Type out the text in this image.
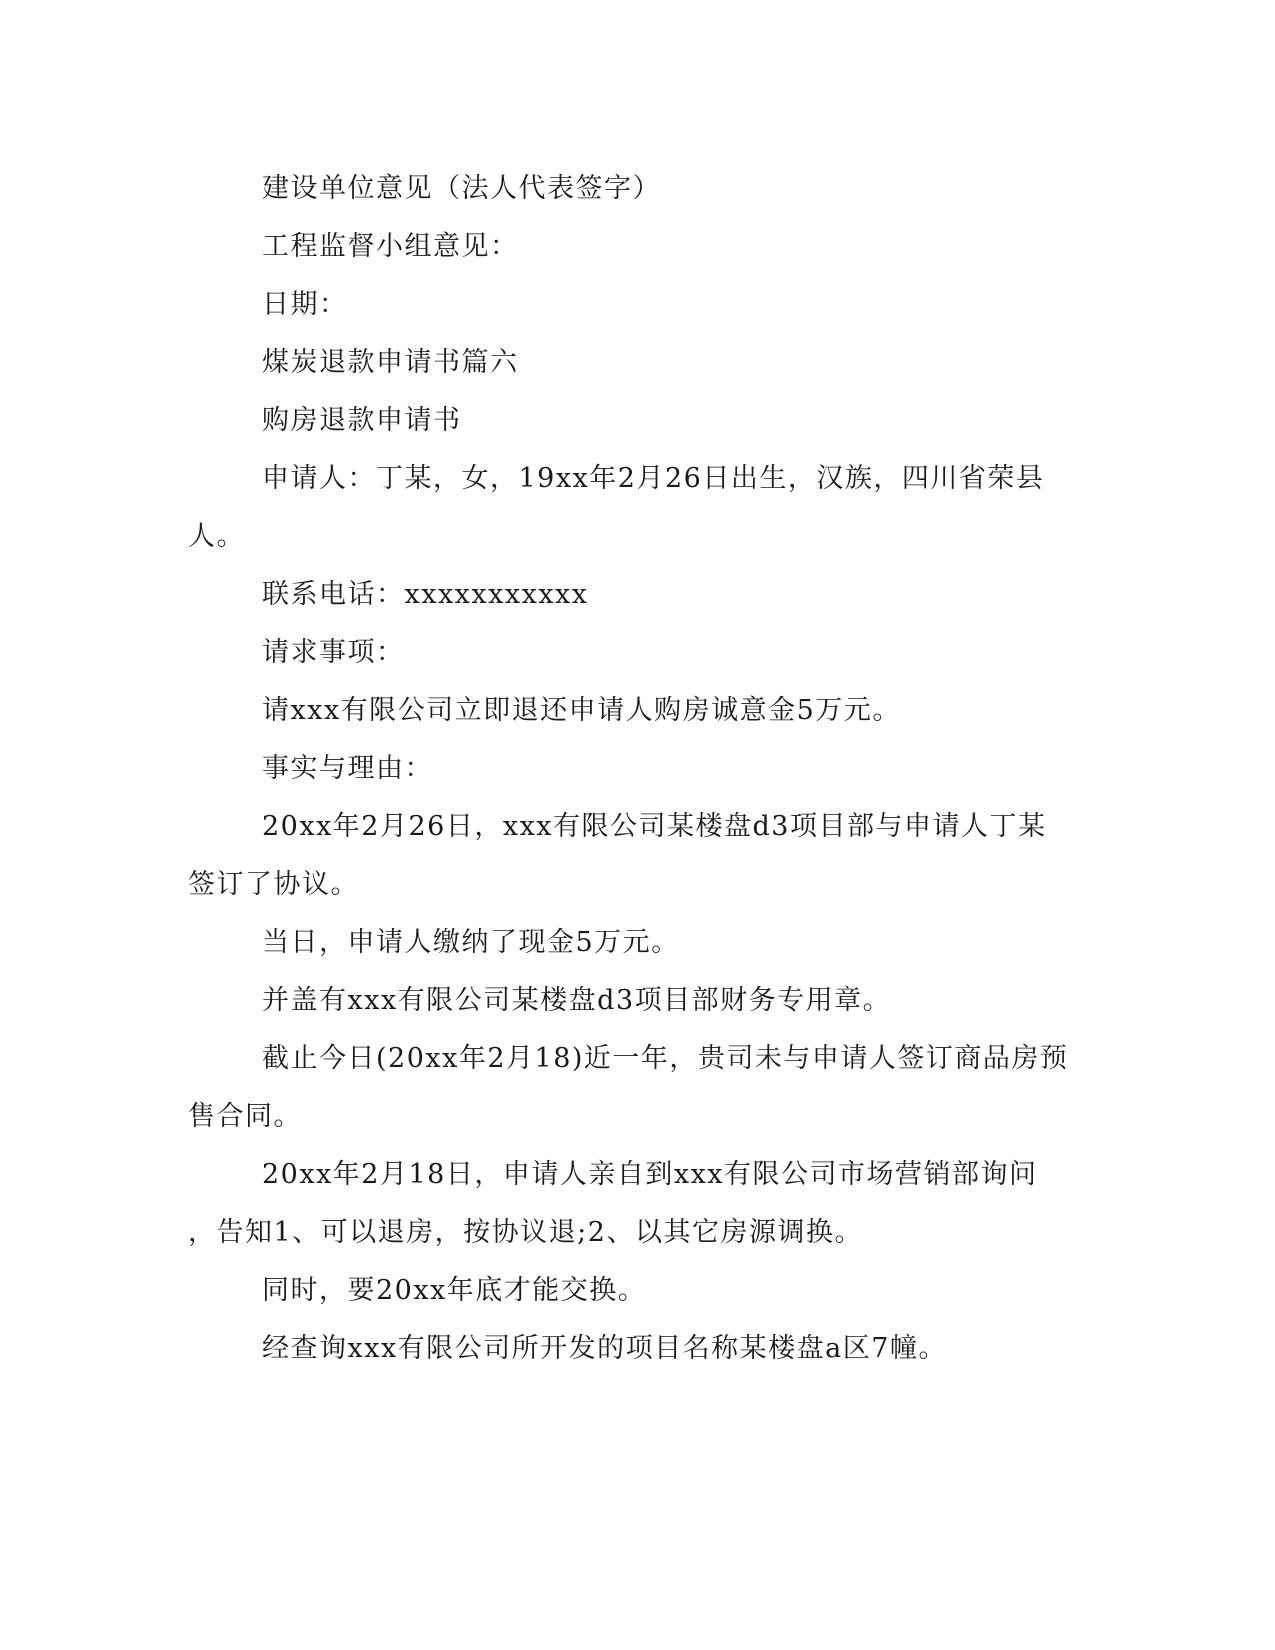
建设单位意见（法人代表签字）

工程监督小组意见：

日期：

煤炭退款申请书篇六

购房退款申请书

申请人：丁某，女，19xx年2月26日出生，汉族，四川省荣县

人。

联系电话：xxxxxxxxxxx

请求事项：

请xxx有限公司立即退还申请人购房诚意金5万元。

事实与理由：

20xx年2月26日，xxx有限公司某楼盘d3项目部与申请人丁某

签订了协议。

当日，申请人缴纳了现金5万元。

并盖有xxx有限公司某楼盘d3项目部财务专用章。

截止今日(20xx年2月18)近一年，贵司未与申请人签订商品房预

售合同。

20xx年2月18日，申请人亲自到xxx有限公司市场营销部询问

，告知1、可以退房，按协议退;2、以其它房源调换。

同时，要20xx年底才能交换。

经查询xxx有限公司所开发的项目名称某楼盘a区7幢。
